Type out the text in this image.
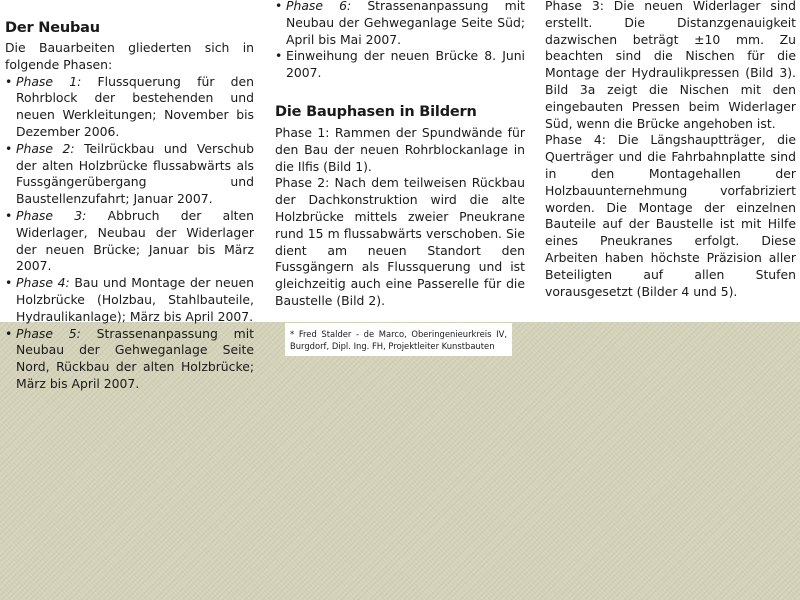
Der Neubau

Die Bauarbeiten gliederten sich in folgende Phasen:

• Phase 1: Flussquerung für den Rohrblock der bestehenden und neuen Werkleitungen; November bis Dezember 2006.
• Phase 2: Teilrückbau und Verschub der alten Holzbrücke flussabwärts als Fussgängerübergang und Baustellenzufahrt; Januar 2007.
• Phase 3: Abbruch der alten Widerlager, Neubau der Widerlager der neuen Brücke; Januar bis März 2007.
• Phase 4: Bau und Montage der neuen Holzbrücke (Holzbau, Stahlbauteile, Hydraulikanlage); März bis April 2007.
• Phase 5: Strassenanpassung mit Neubau der Gehweganlage Seite Nord, Rückbau der alten Holzbrücke; März bis April 2007.
• Phase 6: Strassenanpassung mit Neubau der Gehweganlage Seite Süd; April bis Mai 2007.
• Einweihung der neuen Brücke 8. Juni 2007.
Die Bauphasen in Bildern

Phase 1: Rammen der Spundwände für den Bau der neuen Rohrblockanlage in die Ilfis (Bild 1).

Phase 2: Nach dem teilweisen Rückbau der Dachkonstruktion wird die alte Holzbrücke mittels zweier Pneukrane rund 15 m flussabwärts verschoben. Sie dient am neuen Standort den Fussgängern als Flussquerung und ist gleichzeitig auch eine Passerelle für die Baustelle (Bild 2).

Phase 3: Die neuen Widerlager sind erstellt. Die Distanzgenauigkeit dazwischen beträgt ±10 mm. Zu beachten sind die Nischen für die Montage der Hydraulikpressen (Bild 3). Bild 3a zeigt die Nischen mit den eingebauten Pressen beim Widerlager Süd, wenn die Brücke angehoben ist.

Phase 4: Die Längshauptträger, die Querträger und die Fahrbahnplatte sind in den Montagehallen der Holzbauunternehmung vorfabriziert worden. Die Montage der einzelnen Bauteile auf der Baustelle ist mit Hilfe eines Pneukranes erfolgt. Diese Arbeiten haben höchste Präzision aller Beteiligten auf allen Stufen vorausgesetzt (Bilder 4 und 5).

* Fred Stalder - de Marco, Oberingenieurkreis IV, Burgdorf, Dipl. Ing. FH, Projektleiter Kunstbauten
